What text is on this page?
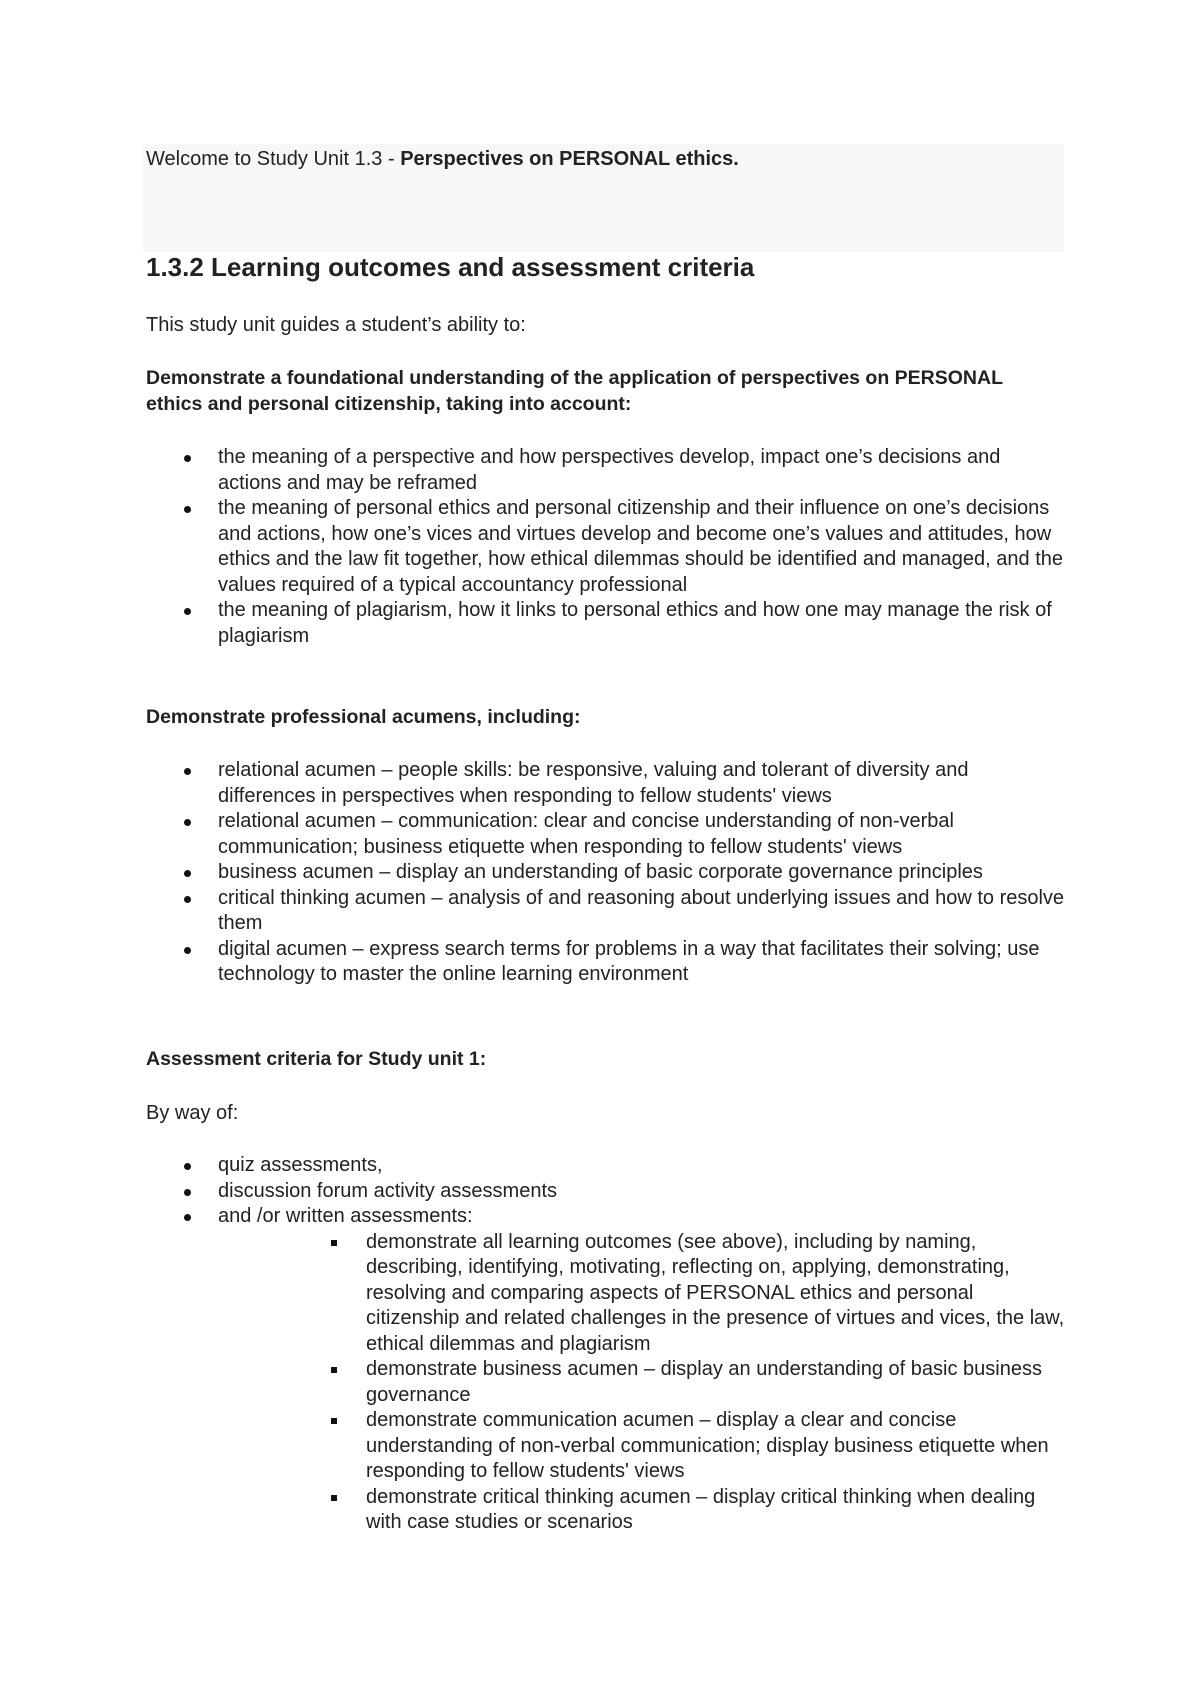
Welcome to Study Unit 1.3 - Perspectives on PERSONAL ethics.
1.3.2 Learning outcomes and assessment criteria
This study unit guides a student’s ability to:
Demonstrate a foundational understanding of the application of perspectives on PERSONAL ethics and personal citizenship, taking into account:
the meaning of a perspective and how perspectives develop, impact one’s decisions and actions and may be reframed
the meaning of personal ethics and personal citizenship and their influence on one’s decisions and actions, how one’s vices and virtues develop and become one’s values and attitudes, how ethics and the law fit together, how ethical dilemmas should be identified and managed, and the values required of a typical accountancy professional
the meaning of plagiarism, how it links to personal ethics and how one may manage the risk of plagiarism
Demonstrate professional acumens, including:
relational acumen – people skills: be responsive, valuing and tolerant of diversity and differences in perspectives when responding to fellow students' views
relational acumen – communication: clear and concise understanding of non-verbal communication; business etiquette when responding to fellow students' views
business acumen – display an understanding of basic corporate governance principles
critical thinking acumen – analysis of and reasoning about underlying issues and how to resolve them
digital acumen – express search terms for problems in a way that facilitates their solving; use technology to master the online learning environment
Assessment criteria for Study unit 1:
By way of:
quiz assessments,
discussion forum activity assessments
and /or written assessments:
demonstrate all learning outcomes (see above), including by naming, describing, identifying, motivating, reflecting on, applying, demonstrating, resolving and comparing aspects of PERSONAL ethics and personal citizenship and related challenges in the presence of virtues and vices, the law, ethical dilemmas and plagiarism
demonstrate business acumen – display an understanding of basic business governance
demonstrate communication acumen – display a clear and concise understanding of non-verbal communication; display business etiquette when responding to fellow students' views
demonstrate critical thinking acumen – display critical thinking when dealing with case studies or scenarios
